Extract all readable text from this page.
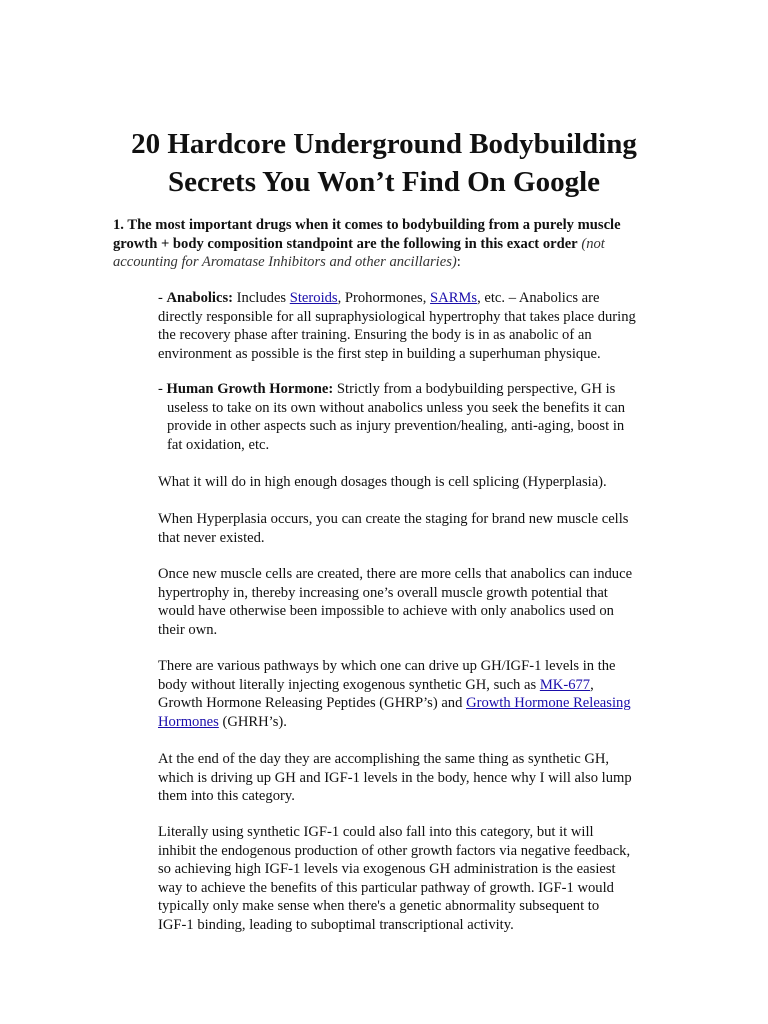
20 Hardcore Underground Bodybuilding
Secrets You Won’t Find On Google

1. The most important drugs when it comes to bodybuilding from a purely muscle growth + body composition standpoint are the following in this exact order (not accounting for Aromatase Inhibitors and other ancillaries):

- Anabolics: Includes Steroids, Prohormones, SARMs, etc. – Anabolics are
directly responsible for all supraphysiological hypertrophy that takes place during
the recovery phase after training. Ensuring the body is in as anabolic of an
environment as possible is the first step in building a superhuman physique.

- Human Growth Hormone: Strictly from a bodybuilding perspective, GH is
useless to take on its own without anabolics unless you seek the benefits it can
provide in other aspects such as injury prevention/healing, anti-aging, boost in
fat oxidation, etc.

What it will do in high enough dosages though is cell splicing (Hyperplasia).

When Hyperplasia occurs, you can create the staging for brand new muscle cells
that never existed.

Once new muscle cells are created, there are more cells that anabolics can induce
hypertrophy in, thereby increasing one’s overall muscle growth potential that
would have otherwise been impossible to achieve with only anabolics used on
their own.

There are various pathways by which one can drive up GH/IGF-1 levels in the
body without literally injecting exogenous synthetic GH, such as MK-677,
Growth Hormone Releasing Peptides (GHRP’s) and Growth Hormone Releasing
Hormones (GHRH’s).

At the end of the day they are accomplishing the same thing as synthetic GH,
which is driving up GH and IGF-1 levels in the body, hence why I will also lump
them into this category.

Literally using synthetic IGF-1 could also fall into this category, but it will
inhibit the endogenous production of other growth factors via negative feedback,
so achieving high IGF-1 levels via exogenous GH administration is the easiest
way to achieve the benefits of this particular pathway of growth. IGF-1 would
typically only make sense when there's a genetic abnormality subsequent to
IGF-1 binding, leading to suboptimal transcriptional activity.
